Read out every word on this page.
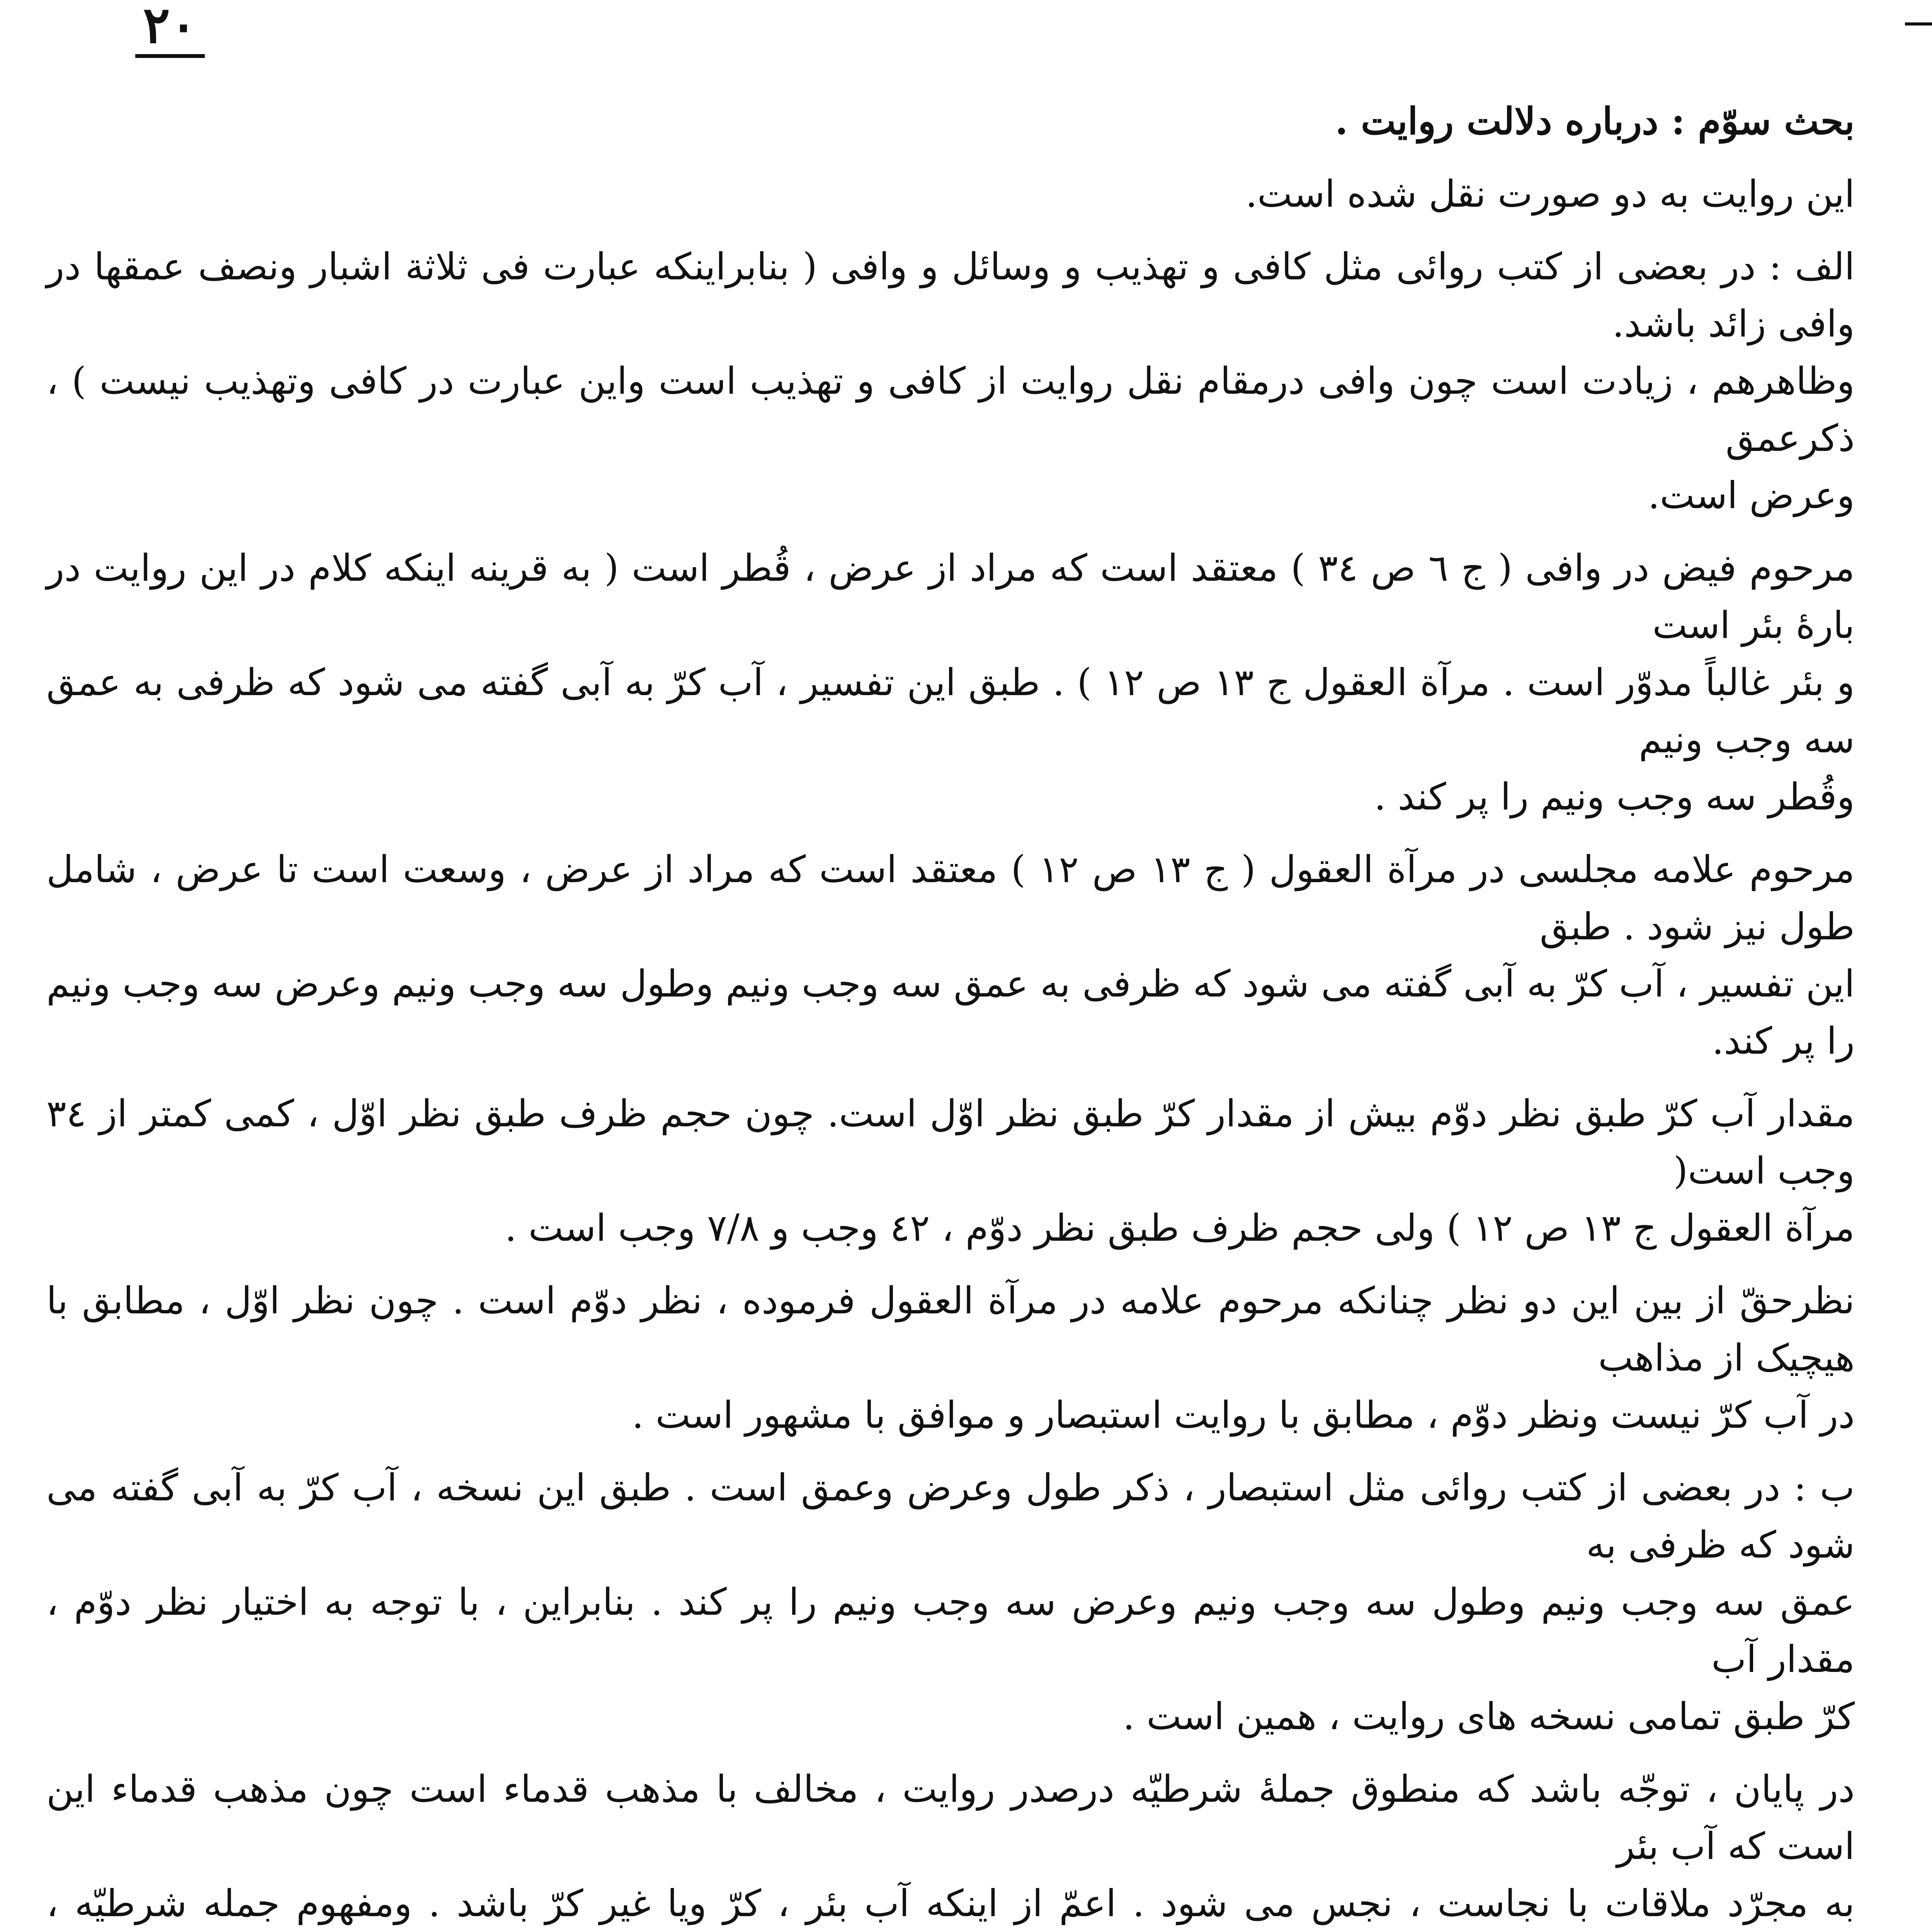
۲۰
بحث سوّم : درباره دلالت روایت .
این روایت به دو صورت نقل شده است.
الف : در بعضی از کتب روائی مثل کافی و تهذیب و وسائل و وافی ( بنابراینکه عبارت فی ثلاثة اشبار ونصف عمقها در وافی زائد باشد.
وظاهرهم ، زیادت است چون وافی درمقام نقل روایت از کافی و تهذیب است واین عبارت در کافی وتهذیب نیست ) ، ذکرعمق
وعرض است.
مرحوم فیض در وافی ( ج ٦ ص ٣٤ ) معتقد است که مراد از عرض ، قُطر است ( به قرینه اینکه کلام در این روایت در بارهٔ بئر است
و بئر غالباً مدوّر است . مرآة العقول ج ١٣ ص ١٢ ) . طبق این تفسیر ، آب کرّ به آبی گفته می شود که ظرفی به عمق سه وجب ونیم
وقُطر سه وجب ونیم را پر کند .
مرحوم علامه مجلسی در مرآة العقول ( ج ١٣ ص ١٢ ) معتقد است که مراد از عرض ، وسعت است تا عرض ، شامل طول نیز شود . طبق
این تفسیر ، آب کرّ به آبی گفته می شود که ظرفی به عمق سه وجب ونیم وطول سه وجب ونیم وعرض سه وجب ونیم را پر کند.
مقدار آب کرّ طبق نظر دوّم بیش از مقدار کرّ طبق نظر اوّل است. چون حجم ظرف طبق نظر اوّل ، کمی کمتر از ٣٤ وجب است(
مرآة العقول ج ١٣ ص ١٢ ) ولی حجم ظرف طبق نظر دوّم ، ٤٢ وجب و ٧/٨ وجب است .
نظرحقّ از بین این دو نظر چنانکه مرحوم علامه در مرآة العقول فرموده ، نظر دوّم است . چون نظر اوّل ، مطابق با هیچیک از مذاهب
در آب کرّ نیست ونظر دوّم ، مطابق با روایت استبصار و موافق با مشهور است .
ب : در بعضی از کتب روائی مثل استبصار ، ذکر طول وعرض وعمق است . طبق این نسخه ، آب کرّ به آبی گفته می شود که ظرفی به
عمق سه وجب ونیم وطول سه وجب ونیم وعرض سه وجب ونیم را پر کند . بنابراین ، با توجه به اختیار نظر دوّم ، مقدار آب
کرّ طبق تمامی نسخه های روایت ، همین است .
در پایان ، توجّه باشد که منطوق جملهٔ شرطیّه درصدر روایت ، مخالف با مذهب قدماء است چون مذهب قدماء این است که آب بئر
به مجرّد ملاقات با نجاست ، نجس می شود . اعمّ از اینکه آب بئر ، کرّ ویا غیر کرّ باشد . ومفهوم جمله شرطیّه ،
